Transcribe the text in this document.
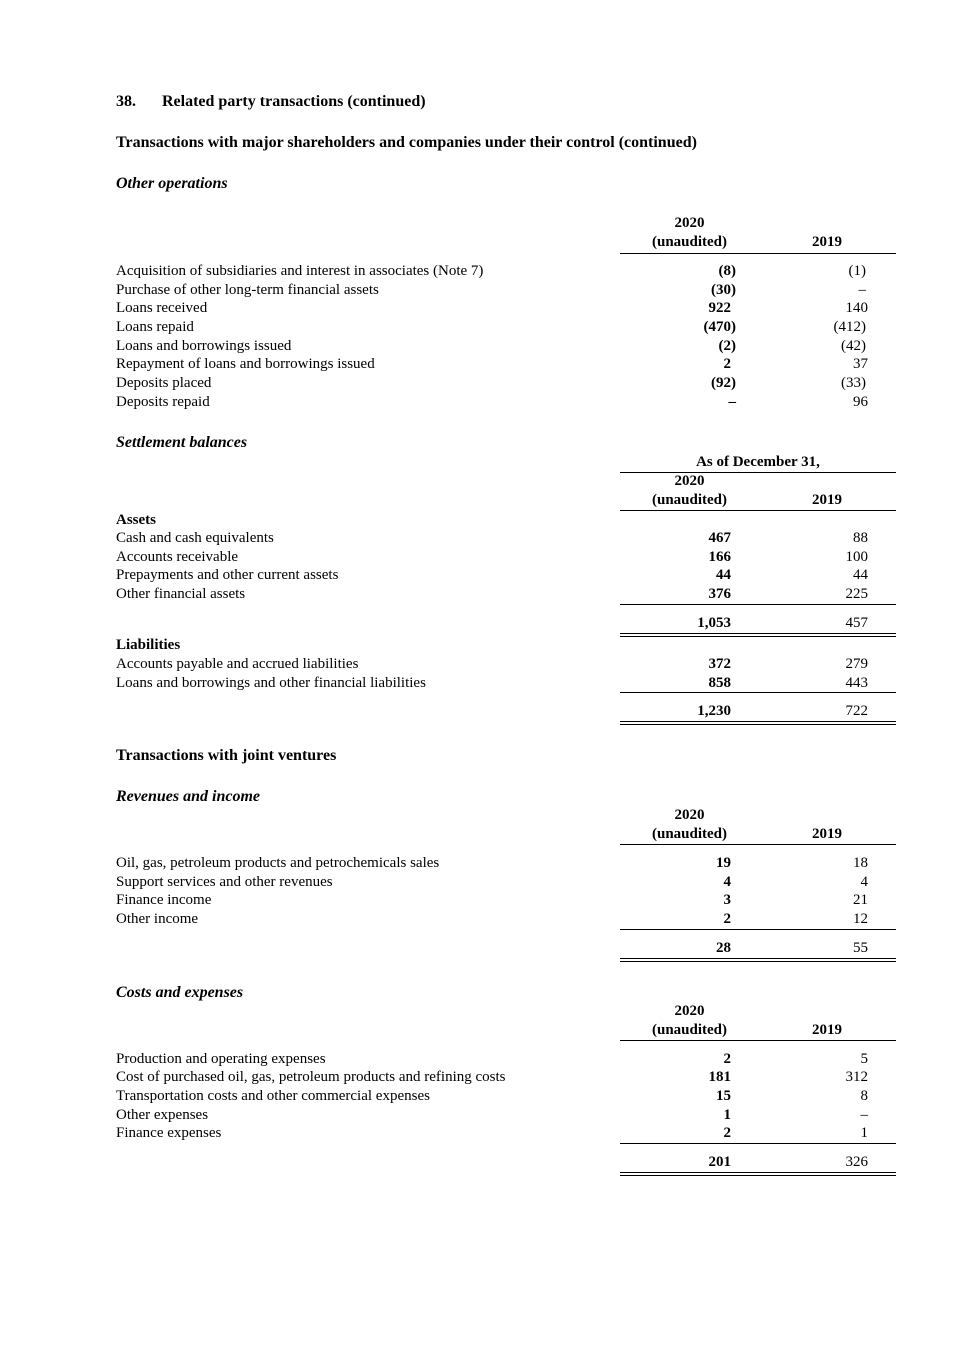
38. Related party transactions (continued)
Transactions with major shareholders and companies under their control (continued)
Other operations
2020
(unaudited)	2019
Acquisition of subsidiaries and interest in associates (Note 7)	(8)	(1)
Purchase of other long-term financial assets	(30)	–
Loans received	922	140
Loans repaid	(470)	(412)
Loans and borrowings issued	(2)	(42)
Repayment of loans and borrowings issued	2	37
Deposits placed	(92)	(33)
Deposits repaid	–	96
Settlement balances
As of December 31,
2020
(unaudited)	2019
Assets
Cash and cash equivalents	467	88
Accounts receivable	166	100
Prepayments and other current assets	44	44
Other financial assets	376	225
1,053	457
Liabilities
Accounts payable and accrued liabilities	372	279
Loans and borrowings and other financial liabilities	858	443
1,230	722
Transactions with joint ventures
Revenues and income
2020
(unaudited)	2019
Oil, gas, petroleum products and petrochemicals sales	19	18
Support services and other revenues	4	4
Finance income	3	21
Other income	2	12
28	55
Costs and expenses
2020
(unaudited)	2019
Production and operating expenses	2	5
Cost of purchased oil, gas, petroleum products and refining costs	181	312
Transportation costs and other commercial expenses	15	8
Other expenses	1	–
Finance expenses	2	1
201	326
